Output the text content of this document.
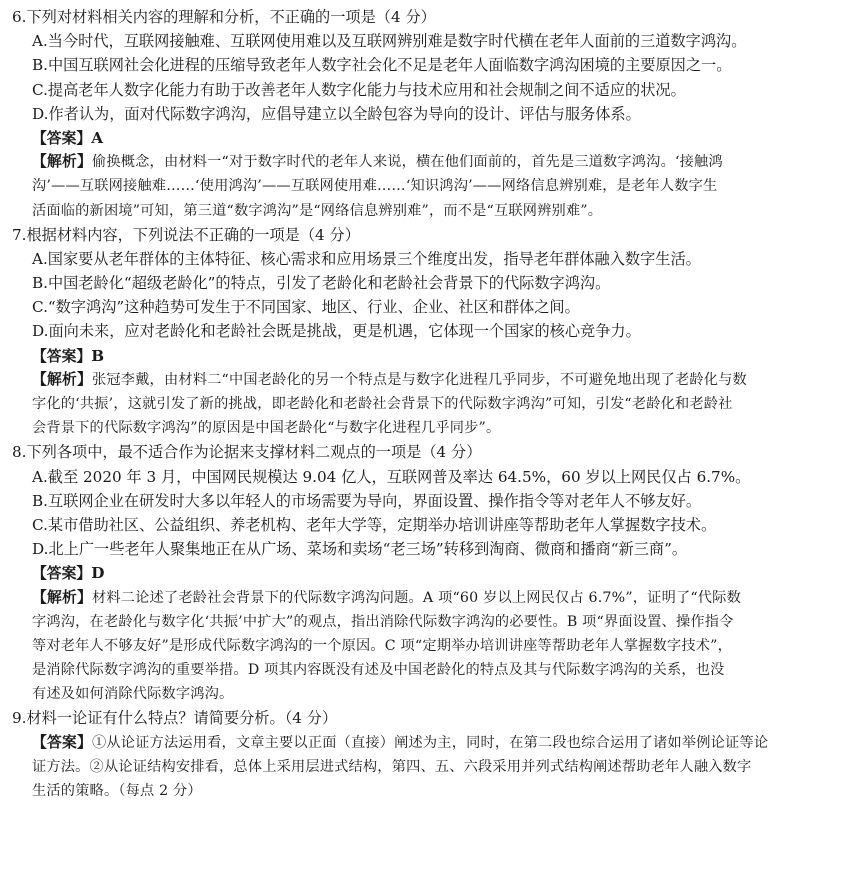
6.下列对材料相关内容的理解和分析，不正确的一项是（4 分）
A.当今时代，互联网接触难、互联网使用难以及互联网辨别难是数字时代横在老年人面前的三道数字鸿沟。
B.中国互联网社会化进程的压缩导致老年人数字社会化不足是老年人面临数字鸿沟困境的主要原因之一。
C.提高老年人数字化能力有助于改善老年人数字化能力与技术应用和社会规制之间不适应的状况。
D.作者认为，面对代际数字鸿沟，应倡导建立以全龄包容为导向的设计、评估与服务体系。
【答案】A
【解析】偷换概念，由材料一“对于数字时代的老年人来说，横在他们面前的，首先是三道数字鸿沟。‘接触鸿
沟’——互联网接触难……‘使用鸿沟’——互联网使用难……‘知识鸿沟’——网络信息辨别难，是老年人数字生
活面临的新困境”可知，第三道“数字鸿沟”是“网络信息辨别难”，而不是“互联网辨别难”。
7.根据材料内容，下列说法不正确的一项是（4 分）
A.国家要从老年群体的主体特征、核心需求和应用场景三个维度出发，指导老年群体融入数字生活。
B.中国老龄化“超级老龄化”的特点，引发了老龄化和老龄社会背景下的代际数字鸿沟。
C.“数字鸿沟”这种趋势可发生于不同国家、地区、行业、企业、社区和群体之间。
D.面向未来，应对老龄化和老龄社会既是挑战，更是机遇，它体现一个国家的核心竞争力。
【答案】B
【解析】张冠李戴，由材料二“中国老龄化的另一个特点是与数字化进程几乎同步，不可避免地出现了老龄化与数
字化的‘共振’，这就引发了新的挑战，即老龄化和老龄社会背景下的代际数字鸿沟”可知，引发“老龄化和老龄社
会背景下的代际数字鸿沟”的原因是中国老龄化“与数字化进程几乎同步”。
8.下列各项中，最不适合作为论据来支撑材料二观点的一项是（4 分）
A.截至 2020 年 3 月，中国网民规模达 9.04 亿人，互联网普及率达 64.5%，60 岁以上网民仅占 6.7%。
B.互联网企业在研发时大多以年轻人的市场需要为导向，界面设置、操作指令等对老年人不够友好。
C.某市借助社区、公益组织、养老机构、老年大学等，定期举办培训讲座等帮助老年人掌握数字技术。
D.北上广一些老年人聚集地正在从广场、菜场和卖场“老三场”转移到淘商、微商和播商“新三商”。
【答案】D
【解析】材料二论述了老龄社会背景下的代际数字鸿沟问题。A 项“60 岁以上网民仅占 6.7%”，证明了“代际数
字鸿沟，在老龄化与数字化‘共振’中扩大”的观点，指出消除代际数字鸿沟的必要性。B 项“界面设置、操作指令
等对老年人不够友好”是形成代际数字鸿沟的一个原因。C 项“定期举办培训讲座等帮助老年人掌握数字技术”，
是消除代际数字鸿沟的重要举措。D 项其内容既没有述及中国老龄化的特点及其与代际数字鸿沟的关系，也没
有述及如何消除代际数字鸿沟。
9.材料一论证有什么特点？请简要分析。（4 分）
【答案】①从论证方法运用看，文章主要以正面（直接）阐述为主，同时，在第二段也综合运用了诸如举例论证等论
证方法。②从论证结构安排看，总体上采用层进式结构，第四、五、六段采用并列式结构阐述帮助老年人融入数字
生活的策略。（每点 2 分）
